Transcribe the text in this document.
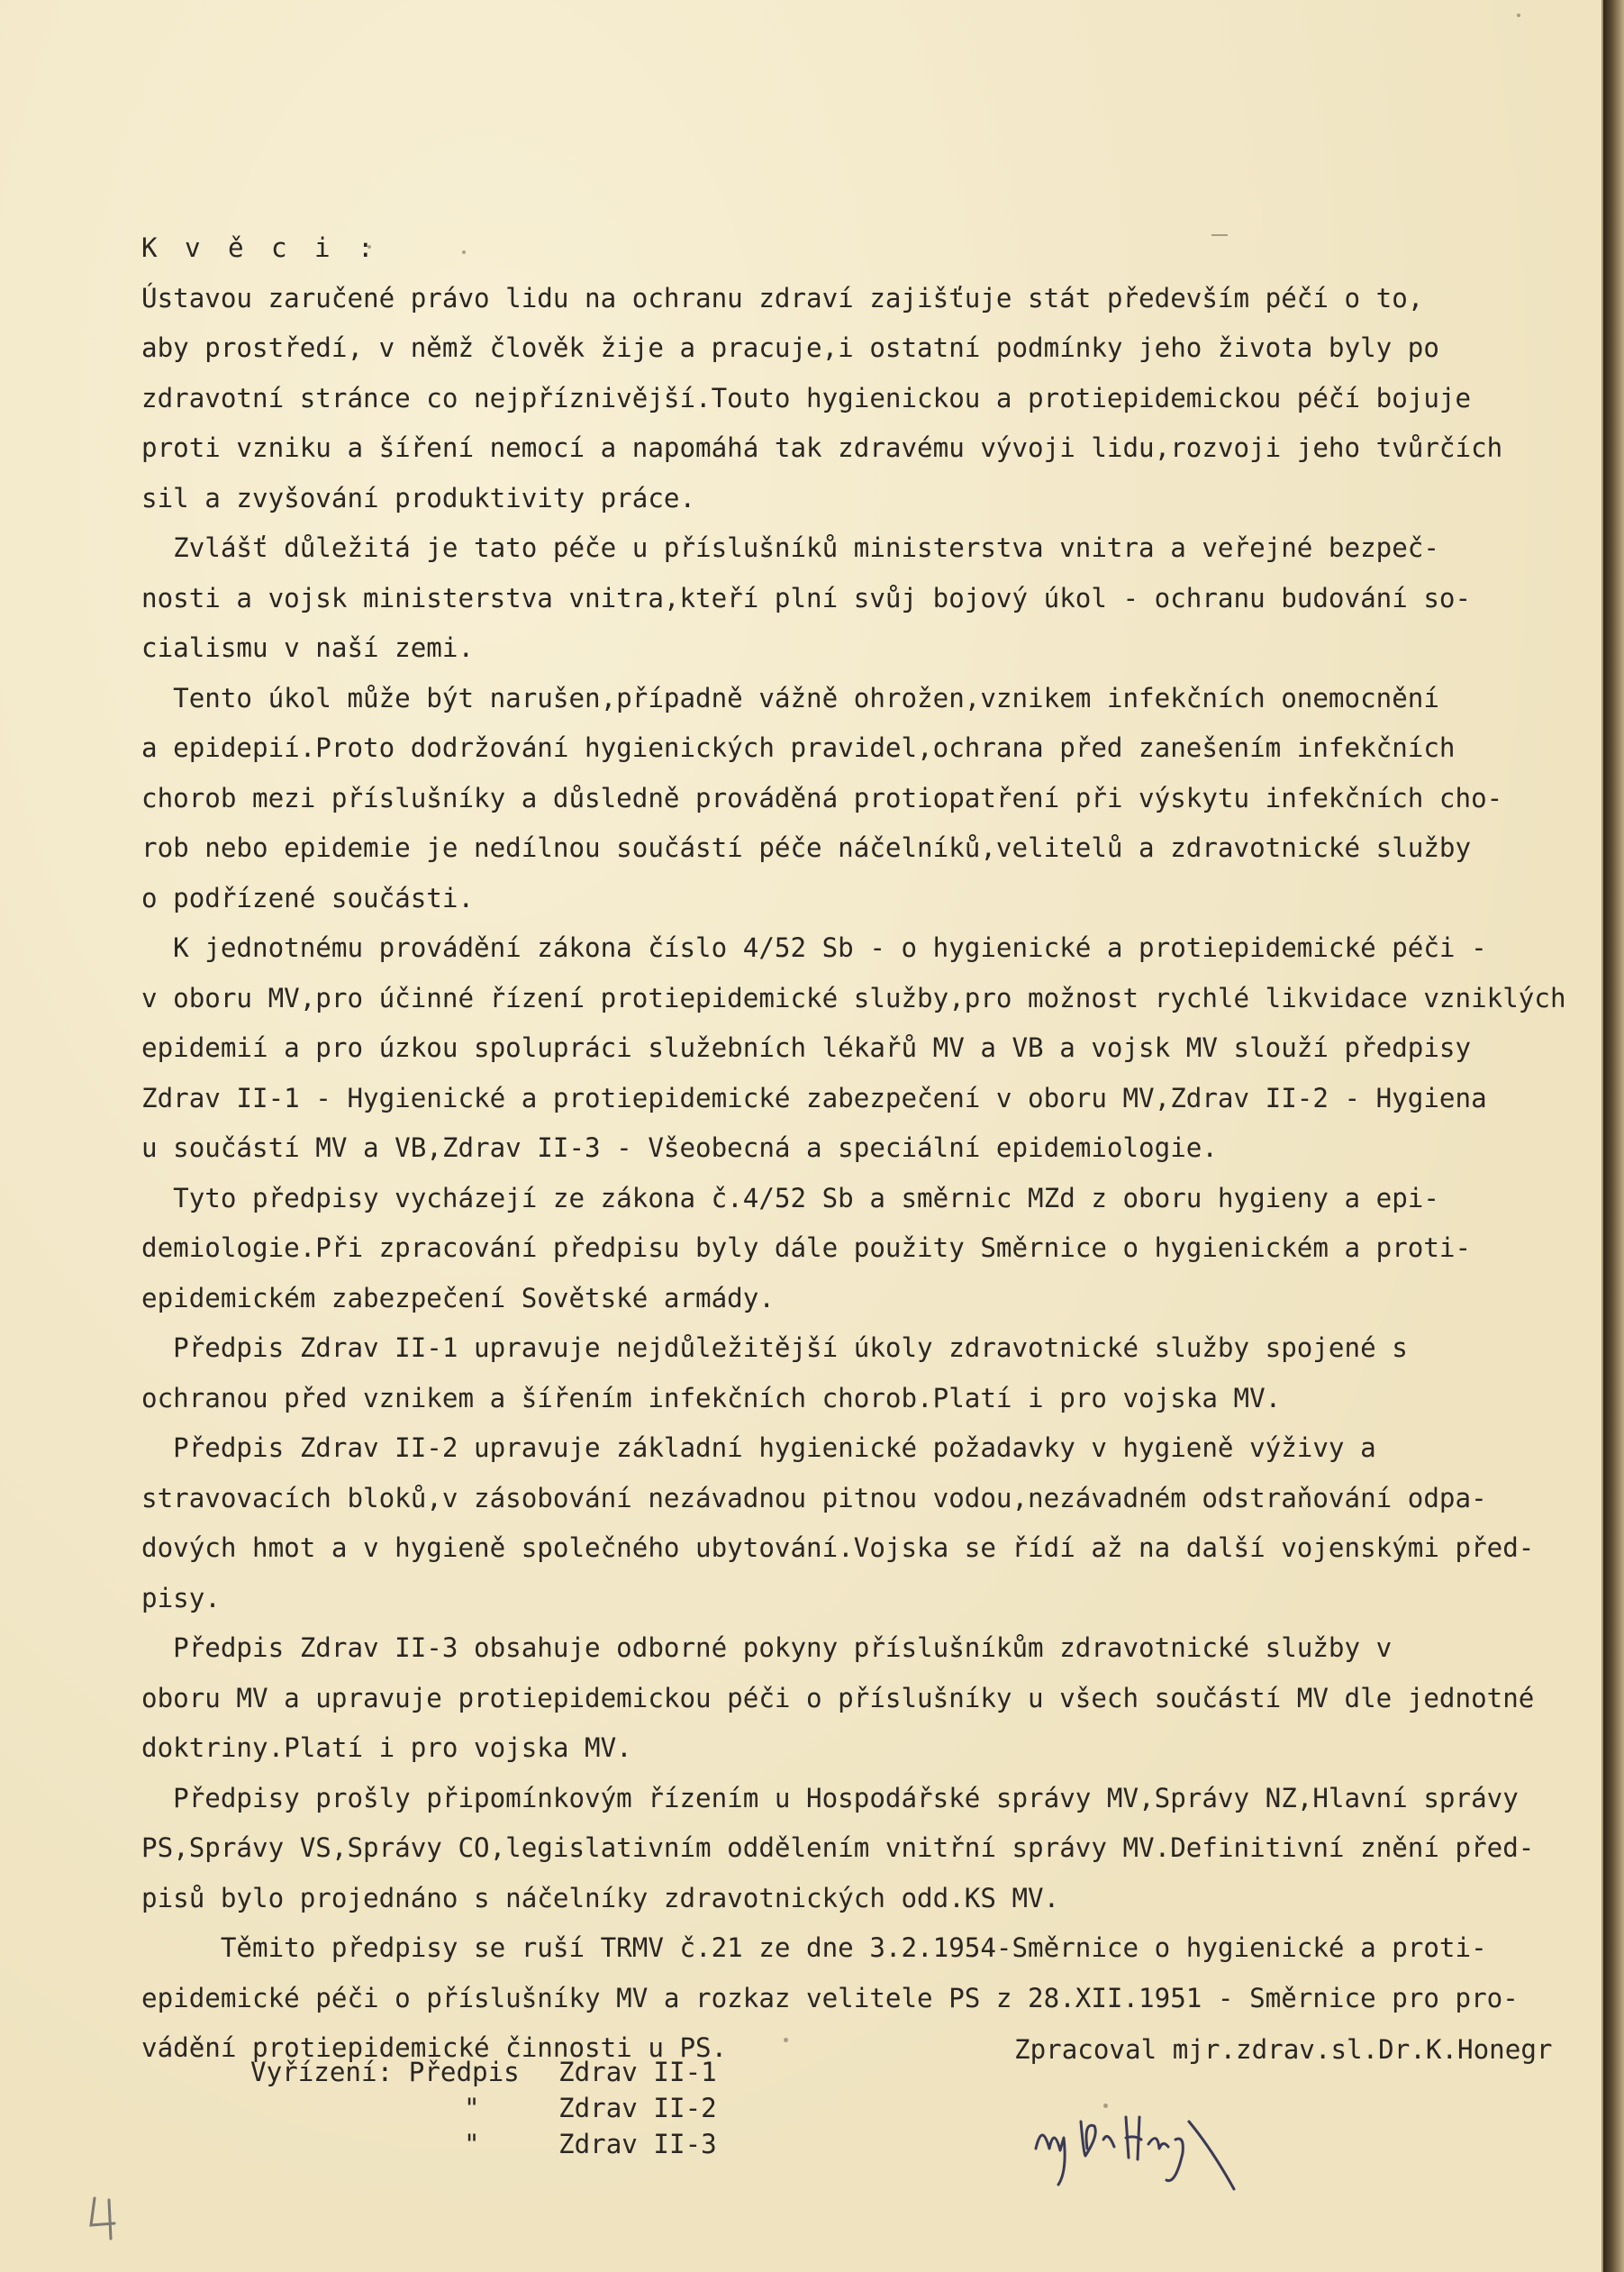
K v ě c i :
Ústavou zaručené právo lidu na ochranu zdraví zajišťuje stát především péčí o to,
aby prostředí, v němž člověk žije a pracuje,i ostatní podmínky jeho života byly po
zdravotní stránce co nejpříznivější.Touto hygienickou a protiepidemickou péčí bojuje
proti vzniku a šíření nemocí a napomáhá tak zdravému vývoji lidu,rozvoji jeho tvůrčích
sil a zvyšování produktivity práce.
Zvlášť důležitá je tato péče u příslušníků ministerstva vnitra a veřejné bezpeč-
nosti a vojsk ministerstva vnitra,kteří plní svůj bojový úkol - ochranu budování so-
cialismu v naší zemi.
Tento úkol může být narušen,případně vážně ohrožen,vznikem infekčních onemocnění
a epidepií.Proto dodržování hygienických pravidel,ochrana před zanešením infekčních
chorob mezi příslušníky a důsledně prováděná protiopatření při výskytu infekčních cho-
rob nebo epidemie je nedílnou součástí péče náčelníků,velitelů a zdravotnické služby
o podřízené součásti.
K jednotnému provádění zákona číslo 4/52 Sb - o hygienické a protiepidemické péči -
v oboru MV,pro účinné řízení protiepidemické služby,pro možnost rychlé likvidace vzniklých
epidemií a pro úzkou spolupráci služebních lékařů MV a VB a vojsk MV slouží předpisy
Zdrav II-1 - Hygienické a protiepidemické zabezpečení v oboru MV,Zdrav II-2 - Hygiena
u součástí MV a VB,Zdrav II-3 - Všeobecná a speciální epidemiologie.
Tyto předpisy vycházejí ze zákona č.4/52 Sb a směrnic MZd z oboru hygieny a epi-
demiologie.Při zpracování předpisu byly dále použity Směrnice o hygienickém a proti-
epidemickém zabezpečení Sovětské armády.
Předpis Zdrav II-1 upravuje nejdůležitější úkoly zdravotnické služby spojené s
ochranou před vznikem a šířením infekčních chorob.Platí i pro vojska MV.
Předpis Zdrav II-2 upravuje základní hygienické požadavky v hygieně výživy a
stravovacích bloků,v zásobování nezávadnou pitnou vodou,nezávadném odstraňování odpa-
dových hmot a v hygieně společného ubytování.Vojska se řídí až na další vojenskými před-
pisy.
Předpis Zdrav II-3 obsahuje odborné pokyny příslušníkům zdravotnické služby v
oboru MV a upravuje protiepidemickou péči o příslušníky u všech součástí MV dle jednotné
doktriny.Platí i pro vojska MV.
Předpisy prošly připomínkovým řízením u Hospodářské správy MV,Správy NZ,Hlavní správy
PS,Správy VS,Správy CO,legislativním oddělením vnitřní správy MV.Definitivní znění před-
pisů bylo projednáno s náčelníky zdravotnických odd.KS MV.
Těmito předpisy se ruší TRMV č.21 ze dne 3.2.1954-Směrnice o hygienické a proti-
epidemické péči o příslušníky MV a rozkaz velitele PS z 28.XII.1951 - Směrnice pro pro-
vádění protiepidemické činnosti u PS.
Vyřízení: Předpis Zdrav II-1
"	Zdrav II-2
"	Zdrav II-3
Zpracoval mjr.zdrav.sl.Dr.K.Honegr
